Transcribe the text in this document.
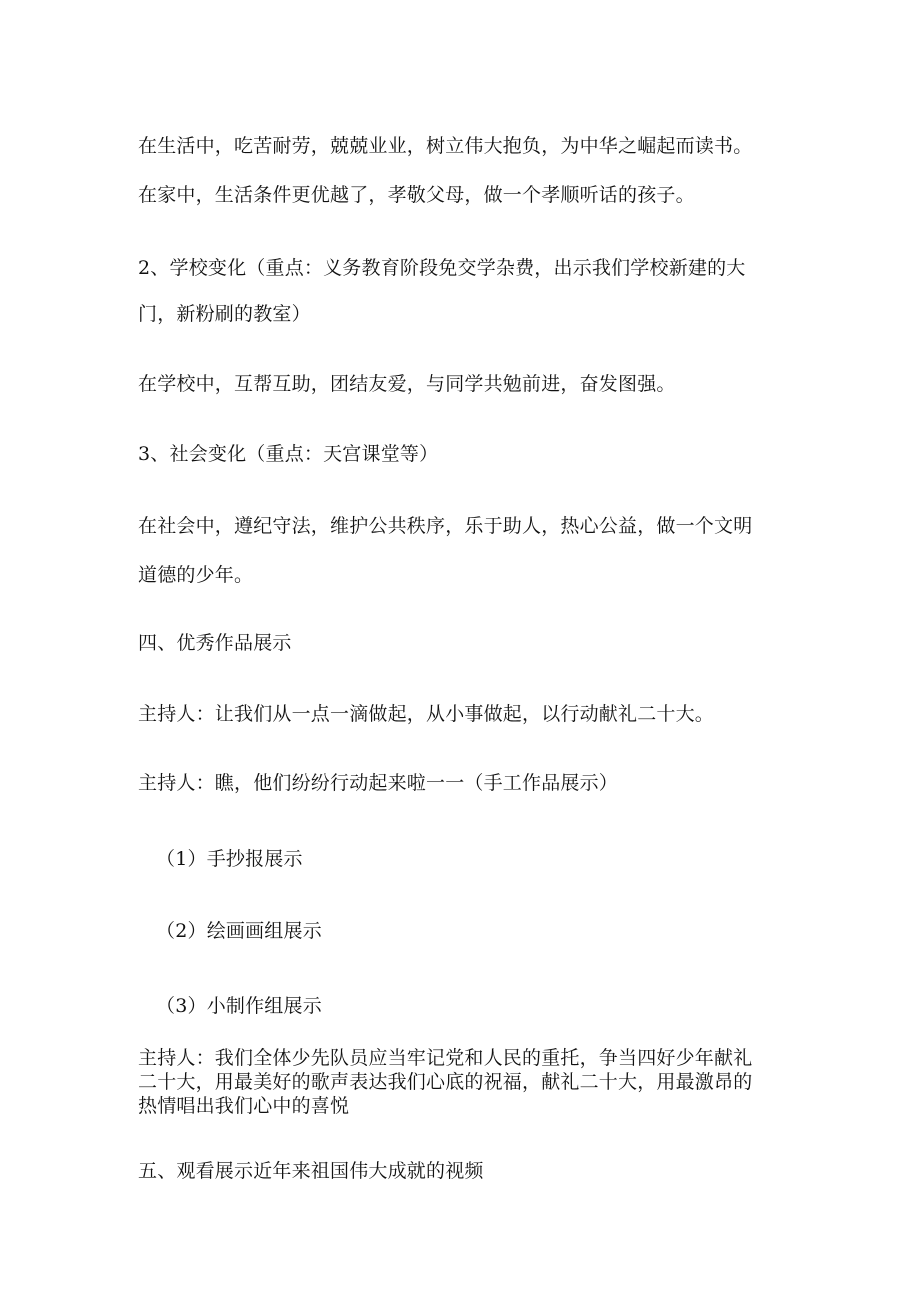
在生活中，吃苦耐劳，兢兢业业，树立伟大抱负，为中华之崛起而读书。
在家中，生活条件更优越了，孝敬父母，做一个孝顺听话的孩子。
2、学校变化（重点：义务教育阶段免交学杂费，出示我们学校新建的大
门，新粉刷的教室）
在学校中，互帮互助，团结友爱，与同学共勉前进，奋发图强。
3、社会变化（重点：天宫课堂等）
在社会中，遵纪守法，维护公共秩序，乐于助人，热心公益，做一个文明
道德的少年。
四、优秀作品展示
主持人：让我们从一点一滴做起，从小事做起，以行动献礼二十大。
主持人：瞧，他们纷纷行动起来啦一一（手工作品展示）
（1）手抄报展示
（2）绘画画组展示
（3）小制作组展示
主持人：我们全体少先队员应当牢记党和人民的重托，争当四好少年献礼
二十大，用最美好的歌声表达我们心底的祝福，献礼二十大，用最激昂的
热情唱出我们心中的喜悦
五、观看展示近年来祖国伟大成就的视频
